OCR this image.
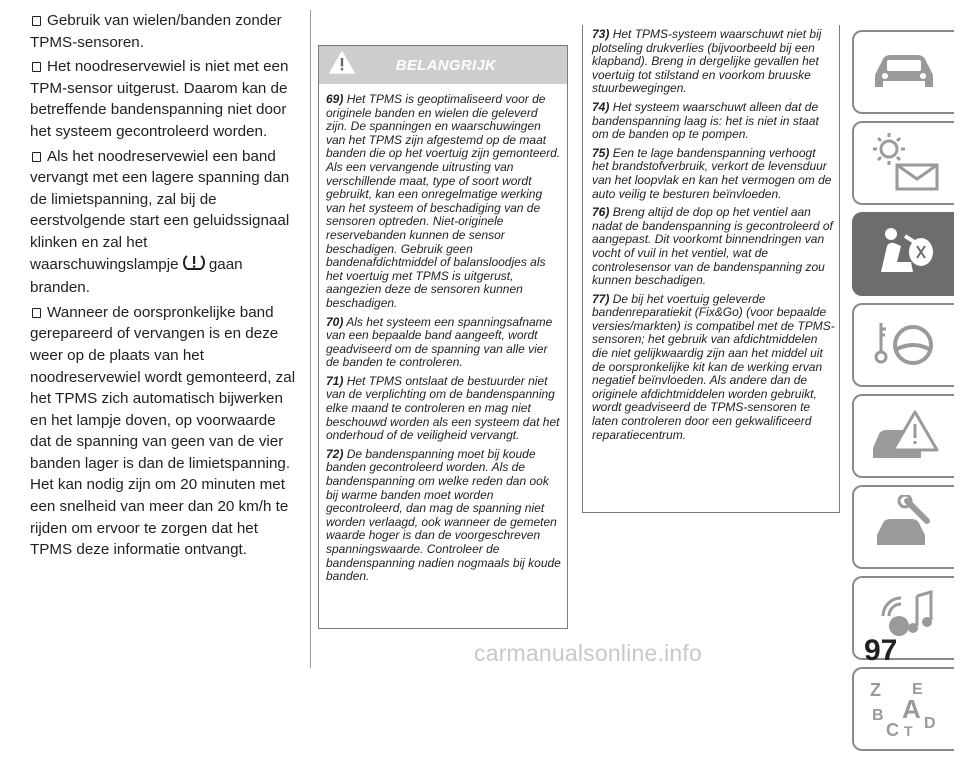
Gebruik van wielen/banden zonder TPMS-sensoren.

Het noodreservewiel is niet met een TPM-sensor uitgerust. Daarom kan de betreffende bandenspanning niet door het systeem gecontroleerd worden.

Als het noodreservewiel een band vervangt met een lagere spanning dan de limietspanning, zal bij de eerstvolgende start een geluidssignaal klinken en zal het waarschuwingslampje gaan branden.

Wanneer de oorspronkelijke band gerepareerd of vervangen is en deze weer op de plaats van het noodreservewiel wordt gemonteerd, zal het TPMS zich automatisch bijwerken en het lampje doven, op voorwaarde dat de spanning van geen van de vier banden lager is dan de limietspanning. Het kan nodig zijn om 20 minuten met een snelheid van meer dan 20 km/h te rijden om ervoor te zorgen dat het TPMS deze informatie ontvangt.

BELANGRIJK

69) Het TPMS is geoptimaliseerd voor de originele banden en wielen die geleverd zijn. De spanningen en waarschuwingen van het TPMS zijn afgestemd op de maat banden die op het voertuig zijn gemonteerd. Als een vervangende uitrusting van verschillende maat, type of soort wordt gebruikt, kan een onregelmatige werking van het systeem of beschadiging van de sensoren optreden. Niet-originele reservebanden kunnen de sensor beschadigen. Gebruik geen bandenafdichtmiddel of balansloodjes als het voertuig met TPMS is uitgerust, aangezien deze de sensoren kunnen beschadigen.

70) Als het systeem een spanningsafname van een bepaalde band aangeeft, wordt geadviseerd om de spanning van alle vier de banden te controleren.

71) Het TPMS ontslaat de bestuurder niet van de verplichting om de bandenspanning elke maand te controleren en mag niet beschouwd worden als een systeem dat het onderhoud of de veiligheid vervangt.

72) De bandenspanning moet bij koude banden gecontroleerd worden. Als de bandenspanning om welke reden dan ook bij warme banden moet worden gecontroleerd, dan mag de spanning niet worden verlaagd, ook wanneer de gemeten waarde hoger is dan de voorgeschreven spanningswaarde. Controleer de bandenspanning nadien nogmaals bij koude banden.

73) Het TPMS-systeem waarschuwt niet bij plotseling drukverlies (bijvoorbeeld bij een klapband). Breng in dergelijke gevallen het voertuig tot stilstand en voorkom bruuske stuurbewegingen.

74) Het systeem waarschuwt alleen dat de bandenspanning laag is: het is niet in staat om de banden op te pompen.

75) Een te lage bandenspanning verhoogt het brandstofverbruik, verkort de levensduur van het loopvlak en kan het vermogen om de auto veilig te besturen beïnvloeden.

76) Breng altijd de dop op het ventiel aan nadat de bandenspanning is gecontroleerd of aangepast. Dit voorkomt binnendringen van vocht of vuil in het ventiel, wat de controlesensor van de bandenspanning zou kunnen beschadigen.

77) De bij het voertuig geleverde bandenreparatiekit (Fix&Go) (voor bepaalde versies/markten) is compatibel met de TPMS-sensoren; het gebruik van afdichtmiddelen die niet gelijkwaardig zijn aan het middel uit de oorspronkelijke kit kan de werking ervan negatief beïnvloeden. Als andere dan de originele afdichtmiddelen worden gebruikt, wordt geadviseerd de TPMS-sensoren te laten controleren door een gekwalificeerd reparatiecentrum.

Z E
B A
C T D
97
carmanualsonline.info
